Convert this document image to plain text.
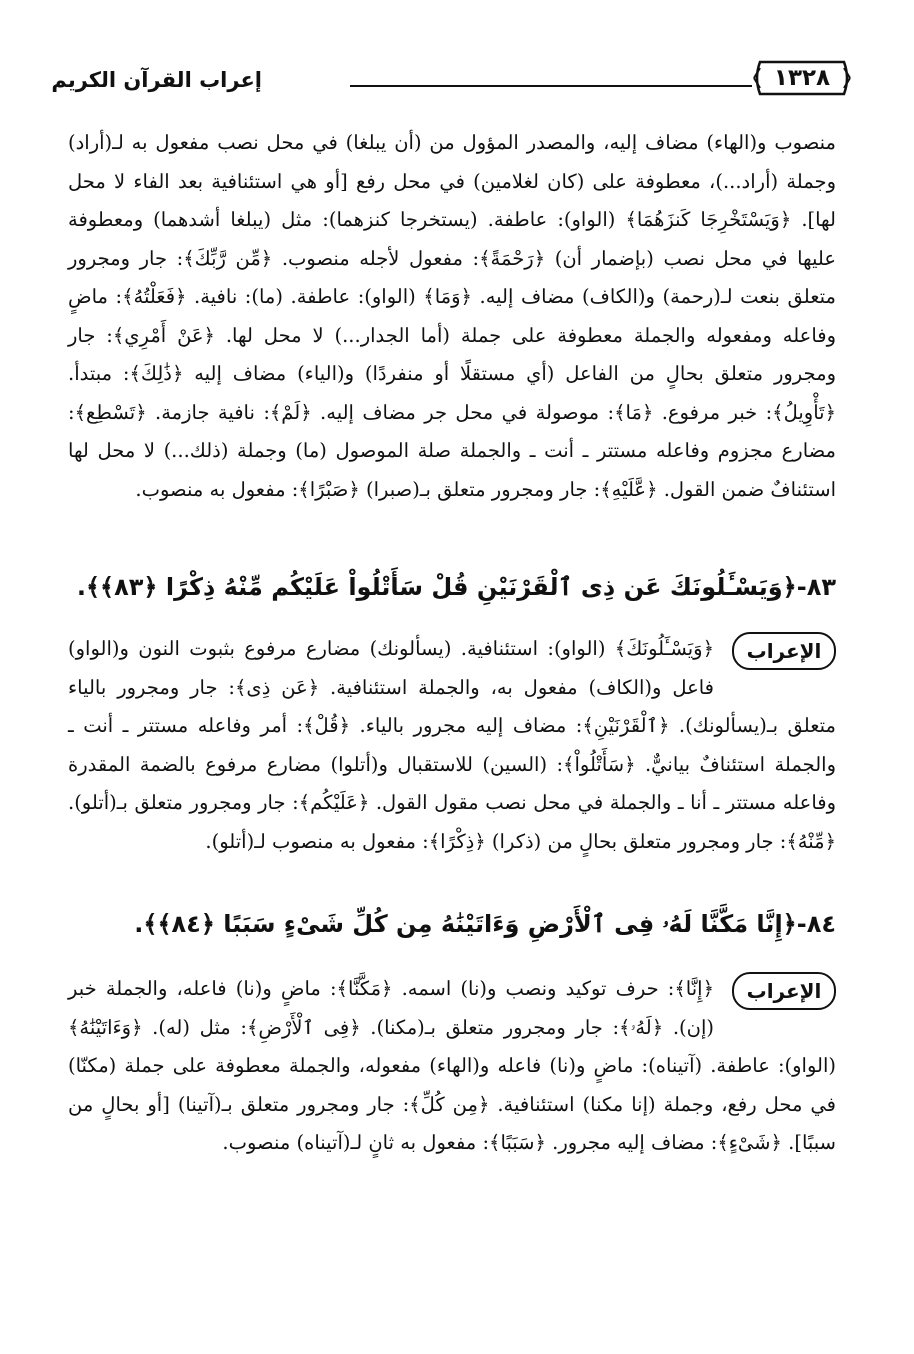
١٣٢٨
إعراب القرآن الكريم

منصوب و(الهاء) مضاف إليه، والمصدر المؤول من (أن يبلغا) في محل نصب مفعول به لـ(أراد) وجملة (أراد...)، معطوفة على (كان لغلامين) في محل رفع [أو هي استئنافية بعد الفاء لا محل لها]. ﴿وَيَسْتَخْرِجَا كَنزَهُمَا﴾ (الواو): عاطفة. (يستخرجا كنزهما): مثل (يبلغا أشدهما) ومعطوفة عليها في محل نصب (بإضمار أن) ﴿رَحْمَةً﴾: مفعول لأجله منصوب. ﴿مِّن رَّبِّكَ﴾: جار ومجرور متعلق بنعت لـ(رحمة) و(الكاف) مضاف إليه. ﴿وَمَا﴾ (الواو): عاطفة. (ما): نافية. ﴿فَعَلْتُهُ﴾: ماضٍ وفاعله ومفعوله والجملة معطوفة على جملة (أما الجدار...) لا محل لها. ﴿عَنْ أَمْرِي﴾: جار ومجرور متعلق بحالٍ من الفاعل (أي مستقلًا أو منفردًا) و(الياء) مضاف إليه ﴿ذَٰلِكَ﴾: مبتدأ. ﴿تَأْوِيلُ﴾: خبر مرفوع. ﴿مَا﴾: موصولة في محل جر مضاف إليه. ﴿لَمْ﴾: نافية جازمة. ﴿تَسْطِع﴾: مضارع مجزوم وفاعله مستتر ـ أنت ـ والجملة صلة الموصول (ما) وجملة (ذلك...) لا محل لها استئنافٌ ضمن القول. ﴿عَّلَيْهِ﴾: جار ومجرور متعلق بـ(صبرا) ﴿صَبْرًا﴾: مفعول به منصوب.

٨٣-﴿وَيَسْـَٔلُونَكَ عَن ذِى ٱلْقَرْنَيْنِ قُلْ سَأَتْلُواْ عَلَيْكُم مِّنْهُ ذِكْرًا ﴿٨٣﴾﴾.

الإعراب

﴿وَيَسْـَٔلُونَكَ﴾ (الواو): استئنافية. (يسألونك) مضارع مرفوع بثبوت النون و(الواو) فاعل و(الكاف) مفعول به، والجملة استئنافية. ﴿عَن ذِى﴾: جار ومجرور بالياء متعلق بـ(يسألونك). ﴿ٱلْقَرْنَيْنِ﴾: مضاف إليه مجرور بالياء. ﴿قُلْ﴾: أمر وفاعله مستتر ـ أنت ـ والجملة استئنافٌ بيانيٌّ. ﴿سَأَتْلُواْ﴾: (السين) للاستقبال و(أتلوا) مضارع مرفوع بالضمة المقدرة وفاعله مستتر ـ أنا ـ والجملة في محل نصب مقول القول. ﴿عَلَيْكُم﴾: جار ومجرور متعلق بـ(أتلو). ﴿مِّنْهُ﴾: جار ومجرور متعلق بحالٍ من (ذكرا) ﴿ذِكْرًا﴾: مفعول به منصوب لـ(أتلو).

٨٤-﴿إِنَّا مَكَّنَّا لَهُۥ فِى ٱلْأَرْضِ وَءَاتَيْنَٰهُ مِن كُلِّ شَىْءٍ سَبَبًا ﴿٨٤﴾﴾.

الإعراب

﴿إِنَّا﴾: حرف توكيد ونصب و(نا) اسمه. ﴿مَكَّنَّا﴾: ماضٍ و(نا) فاعله، والجملة خبر (إن). ﴿لَهُۥ﴾: جار ومجرور متعلق بـ(مكنا). ﴿فِى ٱلْأَرْضِ﴾: مثل (له). ﴿وَءَاتَيْنَٰهُ﴾ (الواو): عاطفة. (آتيناه): ماضٍ و(نا) فاعله و(الهاء) مفعوله، والجملة معطوفة على جملة (مكنّا) في محل رفع، وجملة (إنا مكنا) استئنافية. ﴿مِن كُلِّ﴾: جار ومجرور متعلق بـ(آتينا) [أو بحالٍ من سببًا]. ﴿شَىْءٍ﴾: مضاف إليه مجرور. ﴿سَبَبًا﴾: مفعول به ثانٍ لـ(آتيناه) منصوب.
